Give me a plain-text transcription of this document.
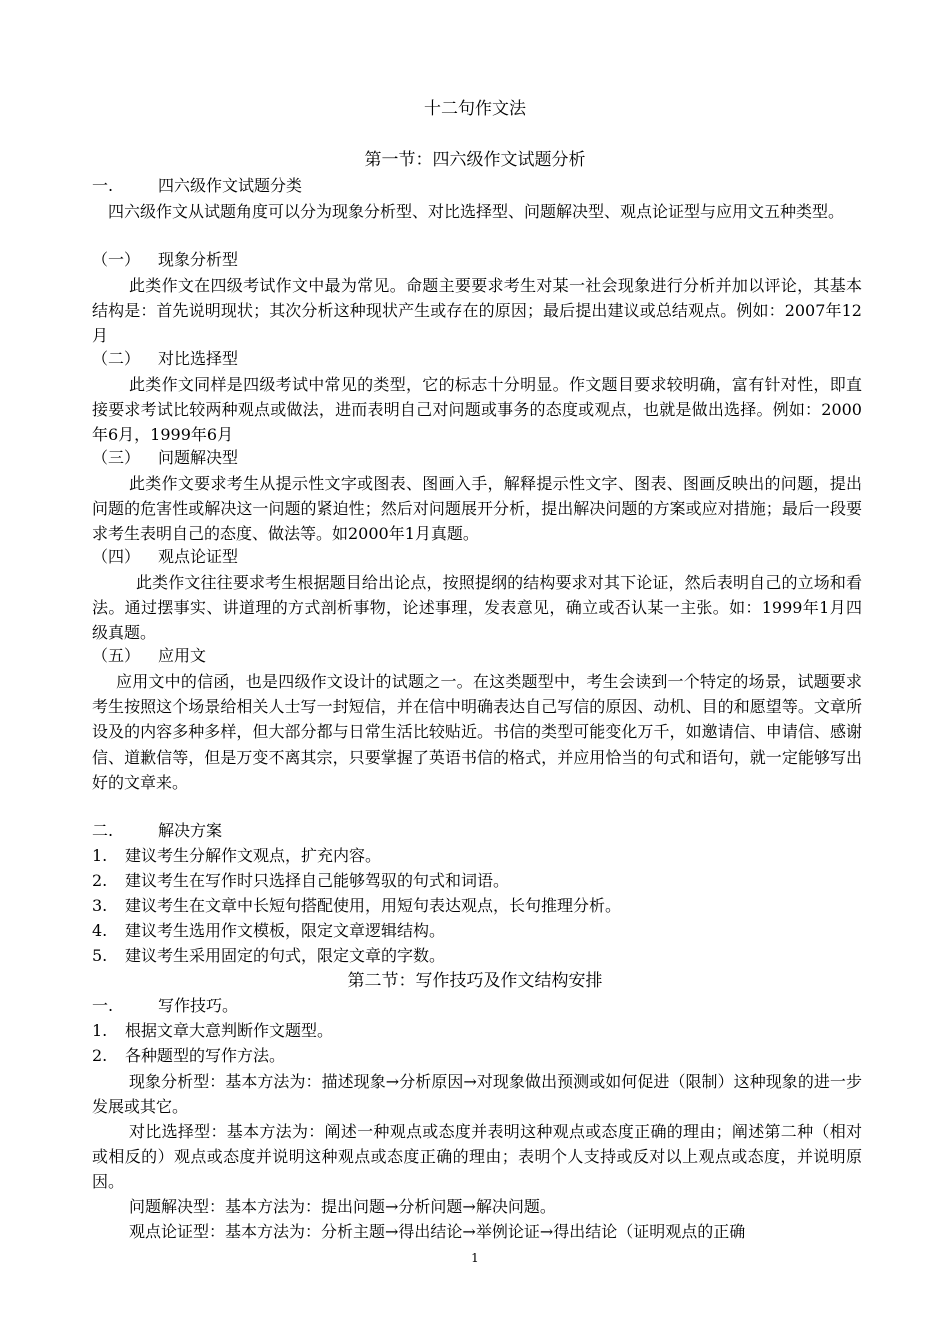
十二句作文法
第一节：四六级作文试题分析
一.	四六级作文试题分类
四六级作文从试题角度可以分为现象分析型、对比选择型、问题解决型、观点论证型与应用文五种类型。
（一） 现象分析型
此类作文在四级考试作文中最为常见。命题主要要求考生对某一社会现象进行分析并加以评论，其基本结构是：首先说明现状；其次分析这种现状产生或存在的原因；最后提出建议或总结观点。例如：2007年12月
（二） 对比选择型
此类作文同样是四级考试中常见的类型，它的标志十分明显。作文题目要求较明确，富有针对性，即直接要求考试比较两种观点或做法，进而表明自己对问题或事务的态度或观点，也就是做出选择。例如：2000年6月，1999年6月
（三） 问题解决型
此类作文要求考生从提示性文字或图表、图画入手，解释提示性文字、图表、图画反映出的问题，提出问题的危害性或解决这一问题的紧迫性；然后对问题展开分析，提出解决问题的方案或应对措施；最后一段要求考生表明自己的态度、做法等。如2000年1月真题。
（四） 观点论证型
此类作文往往要求考生根据题目给出论点，按照提纲的结构要求对其下论证，然后表明自己的立场和看法。通过摆事实、讲道理的方式剖析事物，论述事理，发表意见，确立或否认某一主张。如：1999年1月四级真题。
（五） 应用文
应用文中的信函，也是四级作文设计的试题之一。在这类题型中，考生会读到一个特定的场景，试题要求考生按照这个场景给相关人士写一封短信，并在信中明确表达自己写信的原因、动机、目的和愿望等。文章所设及的内容多种多样，但大部分都与日常生活比较贴近。书信的类型可能变化万千，如邀请信、申请信、感谢信、道歉信等，但是万变不离其宗，只要掌握了英语书信的格式，并应用恰当的句式和语句，就一定能够写出好的文章来。
二.	解决方案
1. 建议考生分解作文观点，扩充内容。
2. 建议考生在写作时只选择自己能够驾驭的句式和词语。
3. 建议考生在文章中长短句搭配使用，用短句表达观点，长句推理分析。
4. 建议考生选用作文模板，限定文章逻辑结构。
5. 建议考生采用固定的句式，限定文章的字数。
第二节：写作技巧及作文结构安排
一.	写作技巧。
1. 根据文章大意判断作文题型。
2. 各种题型的写作方法。
现象分析型：基本方法为：描述现象→分析原因→对现象做出预测或如何促进（限制）这种现象的进一步发展或其它。
对比选择型：基本方法为：阐述一种观点或态度并表明这种观点或态度正确的理由；阐述第二种（相对或相反的）观点或态度并说明这种观点或态度正确的理由；表明个人支持或反对以上观点或态度，并说明原因。
问题解决型：基本方法为：提出问题→分析问题→解决问题。
观点论证型：基本方法为：分析主题→得出结论→举例论证→得出结论（证明观点的正确
1
